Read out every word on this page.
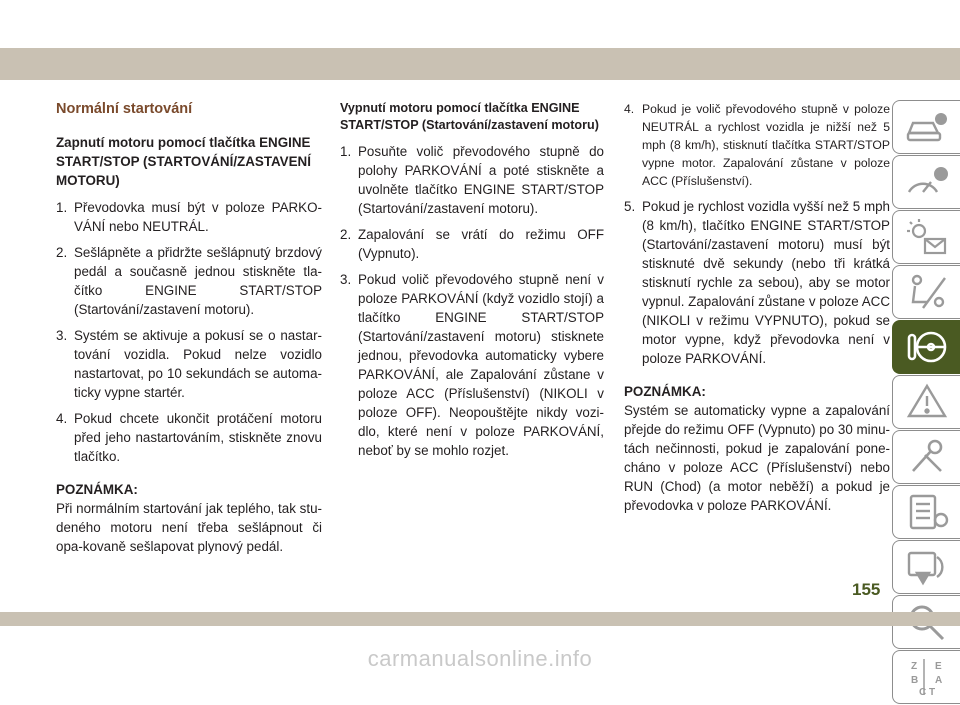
Normální startování
Zapnutí motoru pomocí tlačítka ENGINE START/STOP (STARTOVÁNÍ/ZASTAVENÍ MOTORU)
1. Převodovka musí být v poloze PARKO-VÁNÍ nebo NEUTRÁL.
2. Sešlápněte a přidržte sešlápnutý brzdový pedál a současně jednou stiskněte tla-čítko ENGINE START/STOP (Startování/zastavení motoru).
3. Systém se aktivuje a pokusí se o nastar-tování vozidla. Pokud nelze vozidlo nastartovat, po 10 sekundách se automa-ticky vypne startér.
4. Pokud chcete ukončit protáčení motoru před jeho nastartováním, stiskněte znovu tlačítko.
POZNÁMKA:

Při normálním startování jak teplého, tak stu-deného motoru není třeba sešlápnout či opa-kovaně sešlapovat plynový pedál.

Vypnutí motoru pomocí tlačítka ENGINE START/STOP (Startování/zastavení motoru)
1. Posuňte volič převodového stupně do polohy PARKOVÁNÍ a poté stiskněte a uvolněte tlačítko ENGINE START/STOP (Startování/zastavení motoru).
2. Zapalování se vrátí do režimu OFF (Vypnuto).
3. Pokud volič převodového stupně není v poloze PARKOVÁNÍ (když vozidlo stojí) a tlačítko ENGINE START/STOP (Startování/zastavení motoru) stisknete jednou, převodovka automaticky vybere PARKOVÁNÍ, ale Zapalování zůstane v poloze ACC (Příslušenství) (NIKOLI v poloze OFF). Neopouštějte nikdy vozi-dlo, které není v poloze PARKOVÁNÍ, neboť by se mohlo rozjet.
4. Pokud je volič převodového stupně v poloze NEUTRÁL a rychlost vozidla je nižší než 5 mph (8 km/h), stisknutí tlačítka START/STOP vypne motor. Zapalování zůstane v poloze ACC (Příslušenství).
5. Pokud je rychlost vozidla vyšší než 5 mph (8 km/h), tlačítko ENGINE START/STOP (Startování/zastavení motoru) musí být stisknuté dvě sekundy (nebo tři krátká stisknutí rychle za sebou), aby se motor vypnul. Zapalování zůstane v poloze ACC (NIKOLI v režimu VYPNUTO), pokud se motor vypne, když převodovka není v poloze PARKOVÁNÍ.
POZNÁMKA:

Systém se automaticky vypne a zapalování přejde do režimu OFF (Vypnuto) po 30 minu-tách nečinnosti, pokud je zapalování pone-cháno v poloze ACC (Příslušenství) nebo RUN (Chod) (a motor neběží) a pokud je převodovka v poloze PARKOVÁNÍ.

Z E
B A
C T
155
carmanualsonline.info
